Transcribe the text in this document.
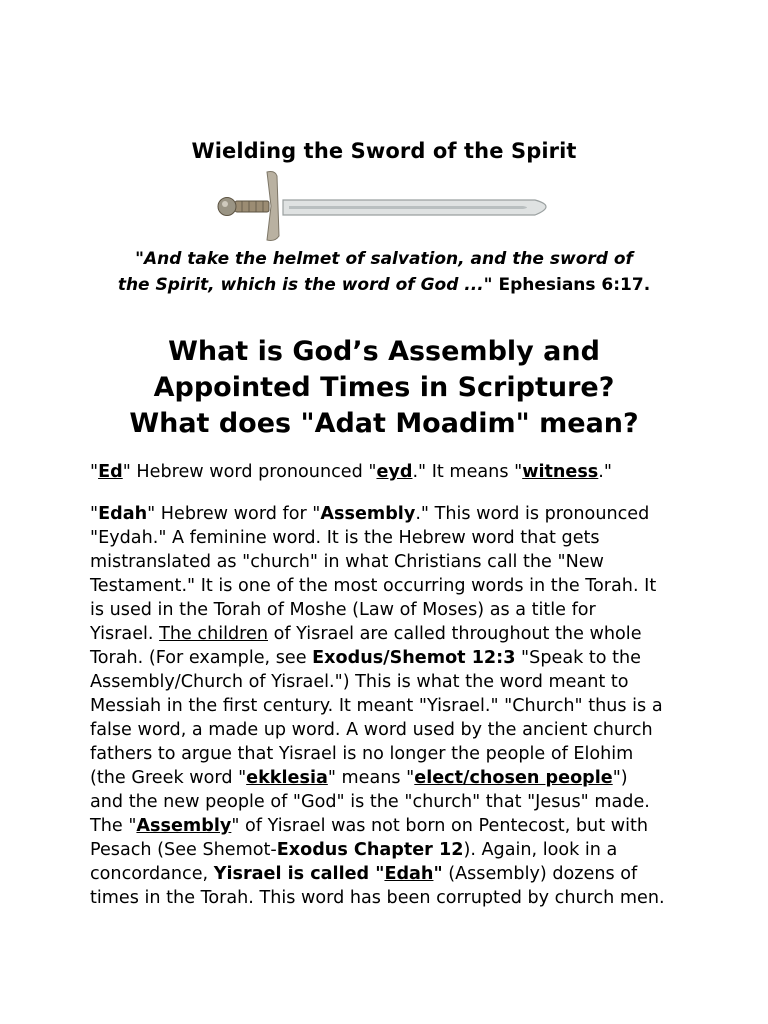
Wielding the Sword of the Spirit
"And take the helmet of salvation, and the sword of
the Spirit, which is the word of God ..." Ephesians 6:17.
What is God’s Assembly and
Appointed Times in Scripture?
What does "Adat Moadim" mean?
"Ed" Hebrew word pronounced "eyd." It means "witness."
"Edah" Hebrew word for "Assembly." This word is pronounced
"Eydah." A feminine word. It is the Hebrew word that gets
mistranslated as "church" in what Christians call the "New
Testament." It is one of the most occurring words in the Torah. It
is used in the Torah of Moshe (Law of Moses) as a title for
Yisrael. The children of Yisrael are called throughout the whole
Torah. (For example, see Exodus/Shemot 12:3 "Speak to the
Assembly/Church of Yisrael.") This is what the word meant to
Messiah in the first century. It meant "Yisrael." "Church" thus is a
false word, a made up word. A word used by the ancient church
fathers to argue that Yisrael is no longer the people of Elohim
(the Greek word "ekklesia" means "elect/chosen people")
and the new people of "God" is the "church" that "Jesus" made.
The "Assembly" of Yisrael was not born on Pentecost, but with
Pesach (See Shemot-Exodus Chapter 12). Again, look in a
concordance, Yisrael is called "Edah" (Assembly) dozens of
times in the Torah. This word has been corrupted by church men.
